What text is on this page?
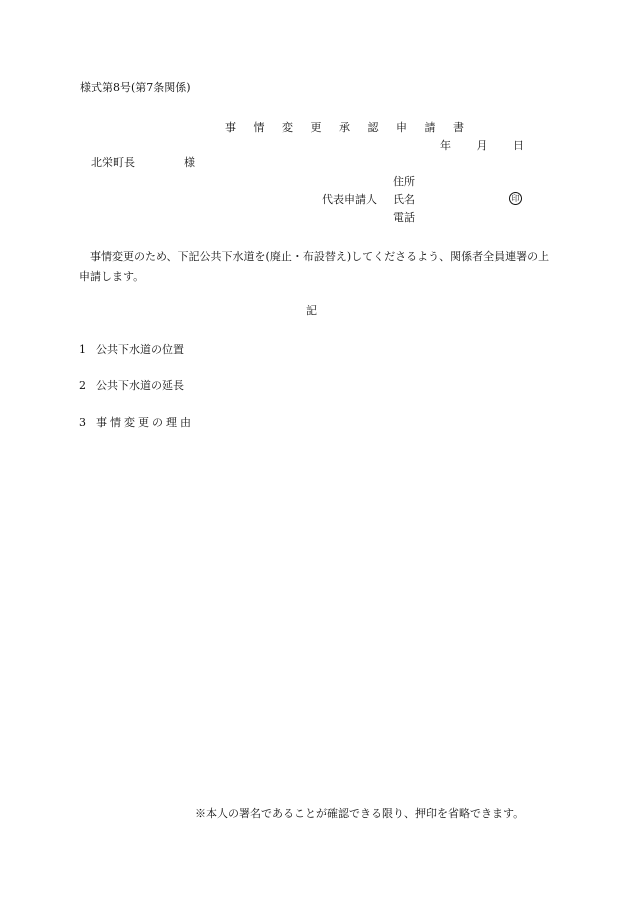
様式第8号(第7条関係)
事 情 変 更 承 認 申 請 書
年 月 日
北栄町長	様
住所
代表申請人 氏名	印
電話
事情変更のため、下記公共下水道を(廃止・布設替え)してくださるよう、関係者全員連署の上申請します。
記
1 公共下水道の位置
2 公共下水道の延長
3 事情変更の理由
※本人の署名であることが確認できる限り、押印を省略できます。
